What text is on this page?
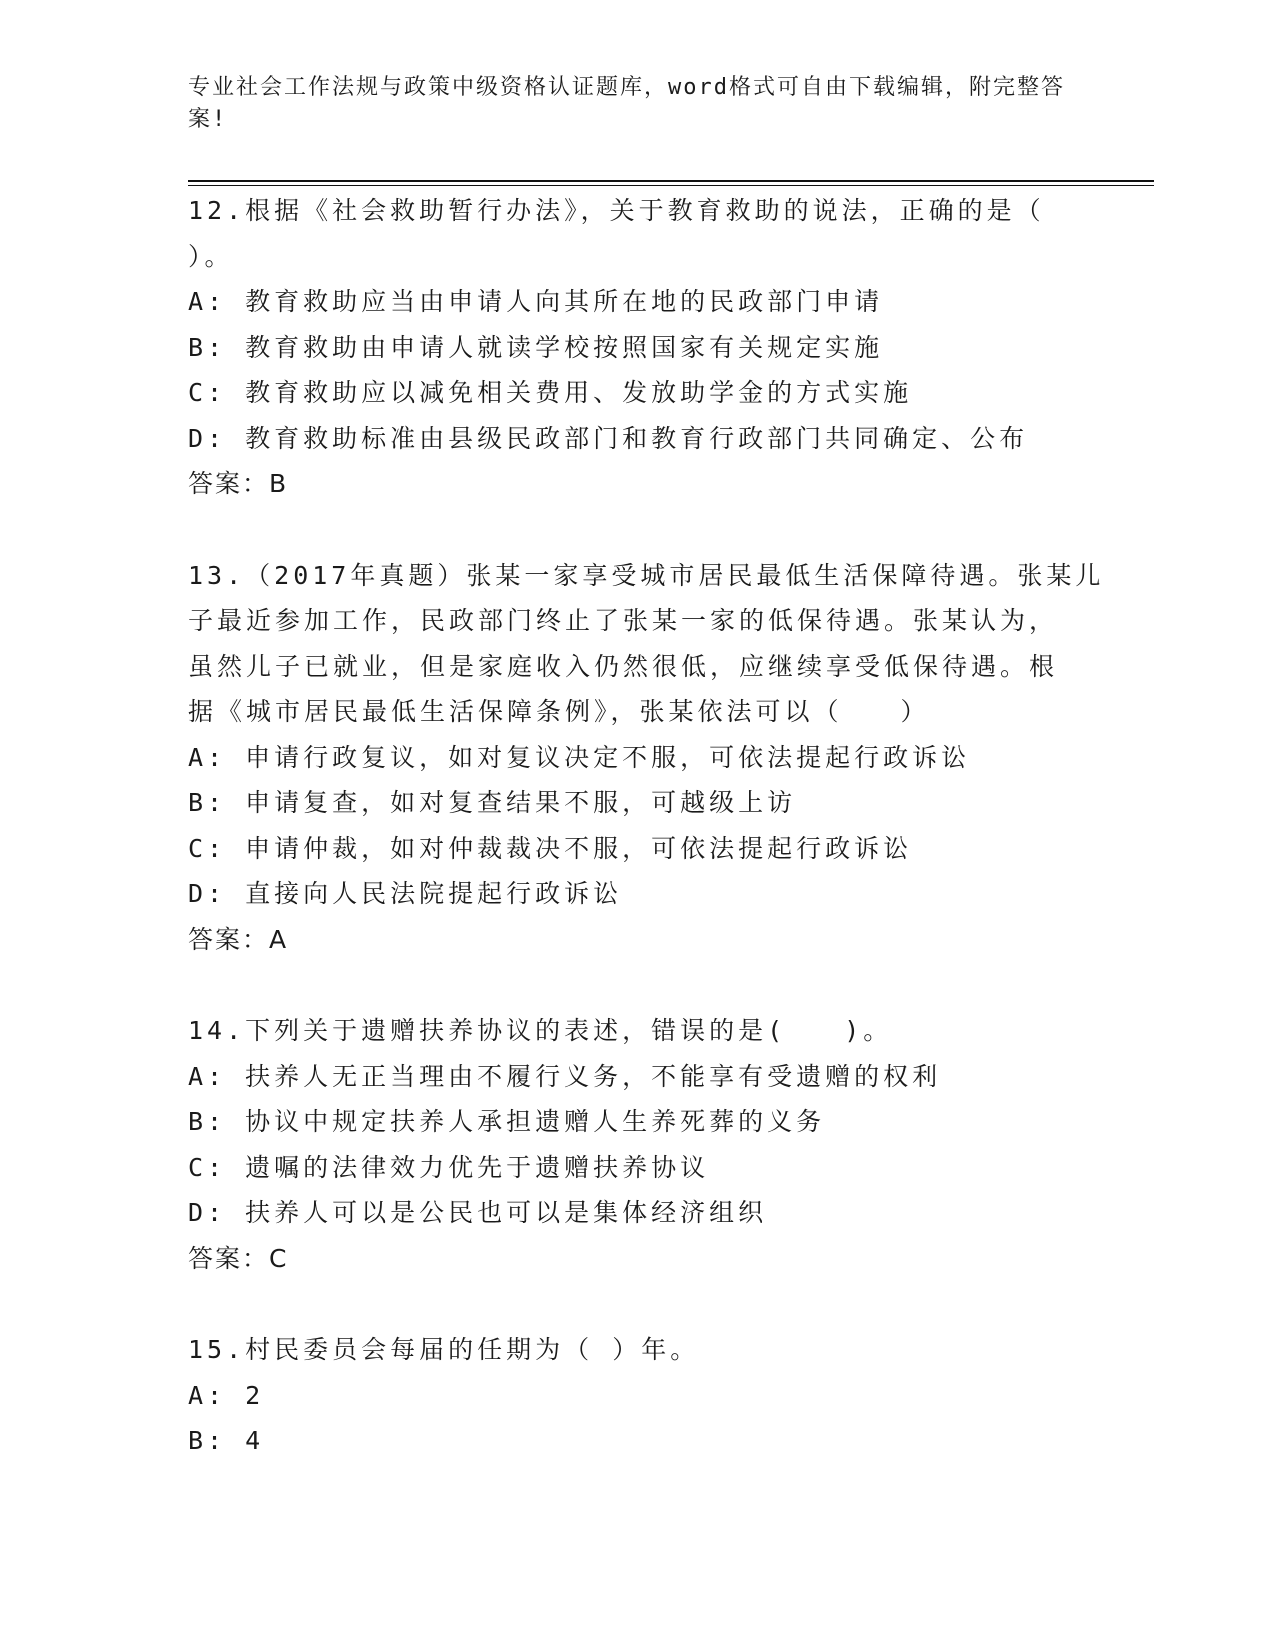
专业社会工作法规与政策中级资格认证题库，word格式可自由下载编辑，附完整答案!
12.根据《社会救助暂行办法》，关于教育救助的说法，正确的是（
）。
A: 教育救助应当由申请人向其所在地的民政部门申请
B: 教育救助由申请人就读学校按照国家有关规定实施
C: 教育救助应以减免相关费用、发放助学金的方式实施
D: 教育救助标准由县级民政部门和教育行政部门共同确定、公布
答案：B
13.（2017年真题）张某一家享受城市居民最低生活保障待遇。张某儿
子最近参加工作，民政部门终止了张某一家的低保待遇。张某认为，
虽然儿子已就业，但是家庭收入仍然很低，应继续享受低保待遇。根
据《城市居民最低生活保障条例》，张某依法可以（　　）
A: 申请行政复议，如对复议决定不服，可依法提起行政诉讼
B: 申请复查，如对复查结果不服，可越级上访
C: 申请仲裁，如对仲裁裁决不服，可依法提起行政诉讼
D: 直接向人民法院提起行政诉讼
答案：A
14.下列关于遗赠扶养协议的表述，错误的是(　　)。
A: 扶养人无正当理由不履行义务，不能享有受遗赠的权利
B: 协议中规定扶养人承担遗赠人生养死葬的义务
C: 遗嘱的法律效力优先于遗赠扶养协议
D: 扶养人可以是公民也可以是集体经济组织
答案：C
15.村民委员会每届的任期为（ ）年。
A: 2
B: 4
